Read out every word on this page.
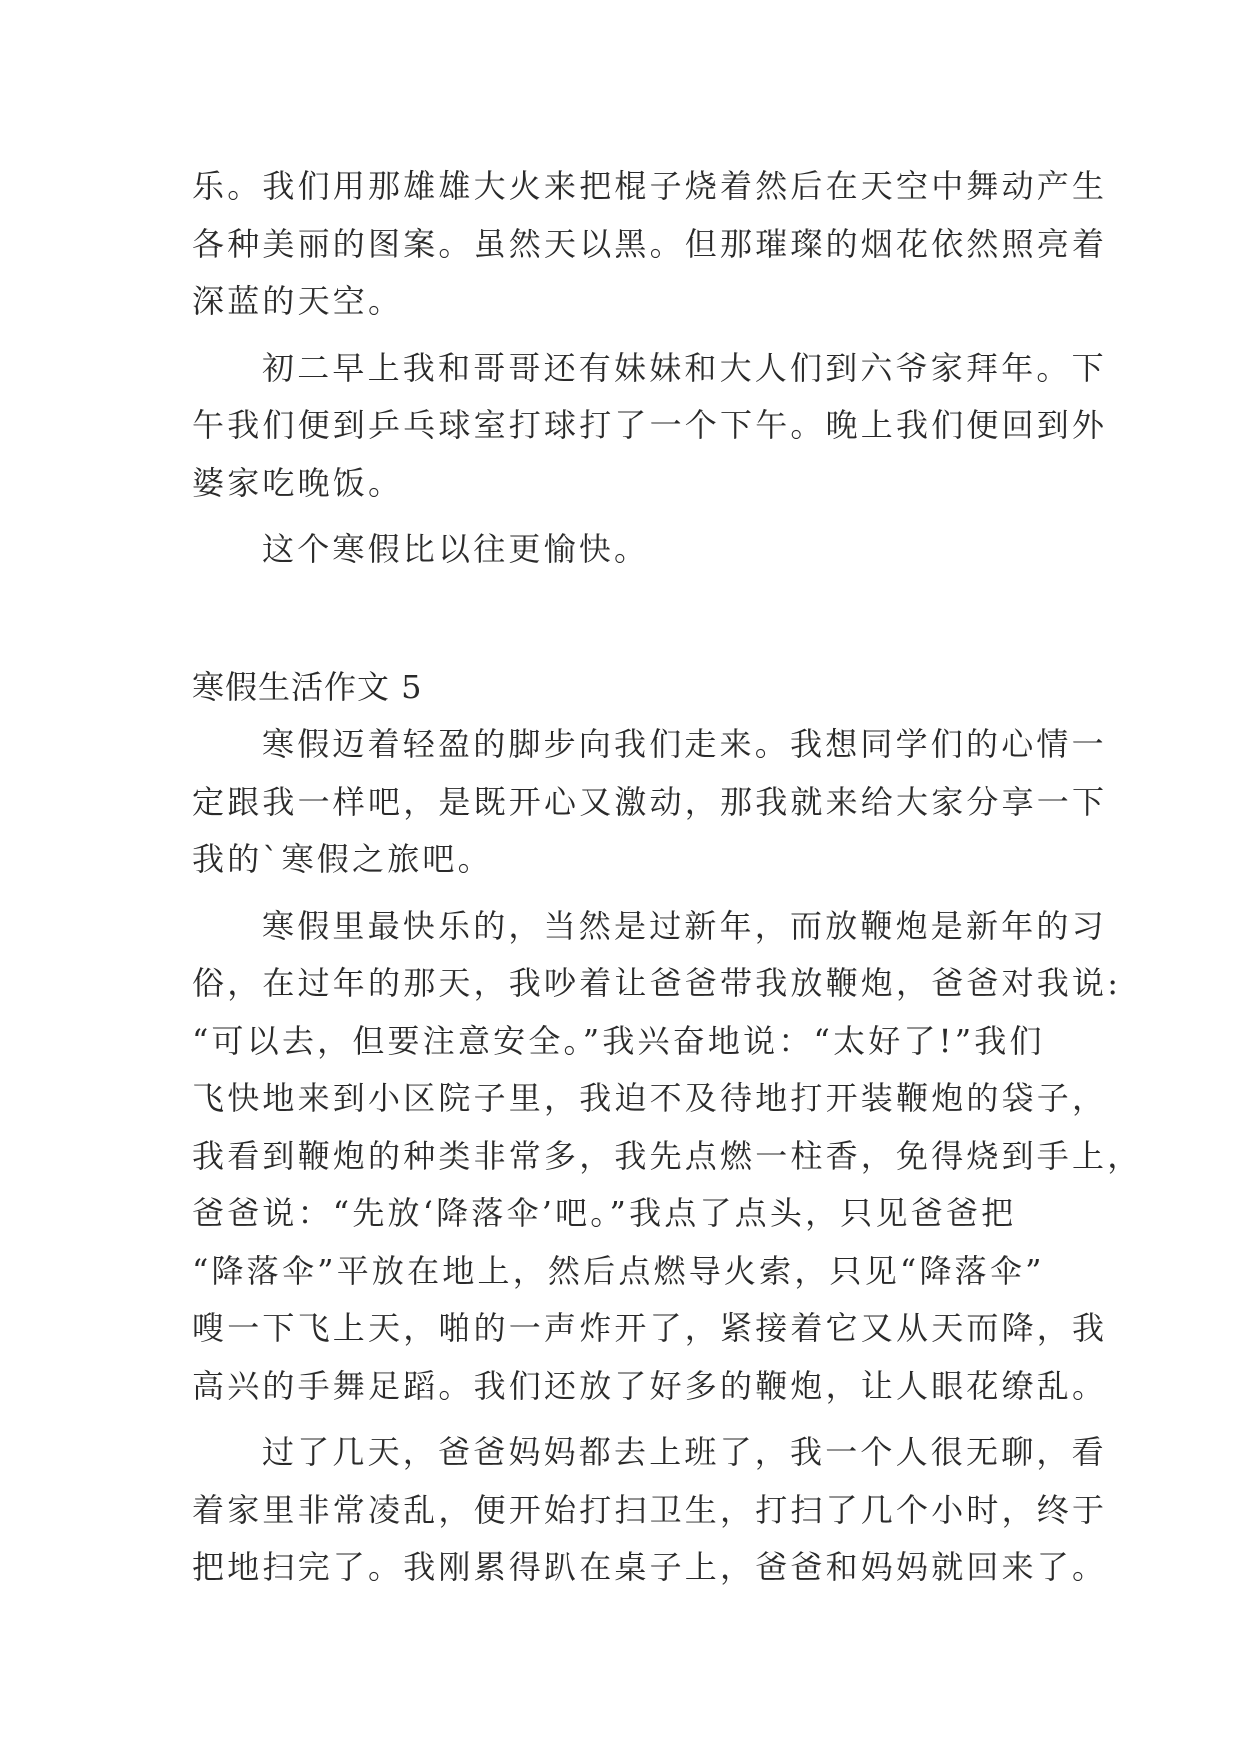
乐。我们用那雄雄大火来把棍子烧着然后在天空中舞动产生
各种美丽的图案。虽然天以黑。但那璀璨的烟花依然照亮着
深蓝的天空。
初二早上我和哥哥还有妹妹和大人们到六爷家拜年。下
午我们便到乒乓球室打球打了一个下午。晚上我们便回到外
婆家吃晚饭。
这个寒假比以往更愉快。
寒假生活作文 5
寒假迈着轻盈的脚步向我们走来。我想同学们的心情一
定跟我一样吧，是既开心又激动，那我就来给大家分享一下
我的`寒假之旅吧。
寒假里最快乐的，当然是过新年，而放鞭炮是新年的习
俗，在过年的那天，我吵着让爸爸带我放鞭炮，爸爸对我说:
“可以去，但要注意安全。”我兴奋地说：“太好了!”我们
飞快地来到小区院子里，我迫不及待地打开装鞭炮的袋子，
我看到鞭炮的种类非常多，我先点燃一柱香，免得烧到手上，
爸爸说：“先放‘降落伞’吧。”我点了点头，只见爸爸把
“降落伞”平放在地上，然后点燃导火索，只见“降落伞”
嗖一下飞上天，啪的一声炸开了，紧接着它又从天而降，我
高兴的手舞足蹈。我们还放了好多的鞭炮，让人眼花缭乱。
过了几天，爸爸妈妈都去上班了，我一个人很无聊，看
着家里非常凌乱，便开始打扫卫生，打扫了几个小时，终于
把地扫完了。我刚累得趴在桌子上，爸爸和妈妈就回来了。
